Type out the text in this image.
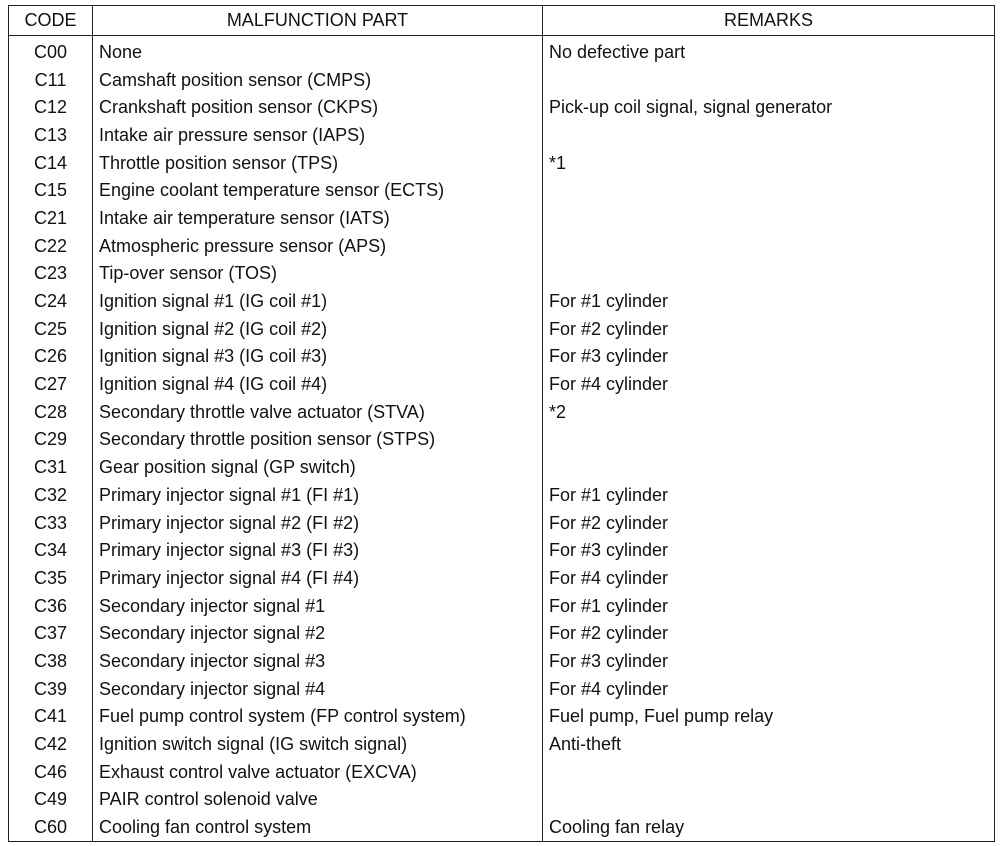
CODE	MALFUNCTION PART	REMARKS
C00	None	No defective part
C11	Camshaft position sensor (CMPS)	
C12	Crankshaft position sensor (CKPS)	Pick-up coil signal, signal generator
C13	Intake air pressure sensor (IAPS)	
C14	Throttle position sensor (TPS)	*1
C15	Engine coolant temperature sensor (ECTS)	
C21	Intake air temperature sensor (IATS)	
C22	Atmospheric pressure sensor (APS)	
C23	Tip-over sensor (TOS)	
C24	Ignition signal #1 (IG coil #1)	For #1 cylinder
C25	Ignition signal #2 (IG coil #2)	For #2 cylinder
C26	Ignition signal #3 (IG coil #3)	For #3 cylinder
C27	Ignition signal #4 (IG coil #4)	For #4 cylinder
C28	Secondary throttle valve actuator (STVA)	*2
C29	Secondary throttle position sensor (STPS)	
C31	Gear position signal (GP switch)	
C32	Primary injector signal #1 (FI #1)	For #1 cylinder
C33	Primary injector signal #2 (FI #2)	For #2 cylinder
C34	Primary injector signal #3 (FI #3)	For #3 cylinder
C35	Primary injector signal #4 (FI #4)	For #4 cylinder
C36	Secondary injector signal #1	For #1 cylinder
C37	Secondary injector signal #2	For #2 cylinder
C38	Secondary injector signal #3	For #3 cylinder
C39	Secondary injector signal #4	For #4 cylinder
C41	Fuel pump control system (FP control system)	Fuel pump, Fuel pump relay
C42	Ignition switch signal (IG switch signal)	Anti-theft
C46	Exhaust control valve actuator (EXCVA)	
C49	PAIR control solenoid valve	
C60	Cooling fan control system	Cooling fan relay
